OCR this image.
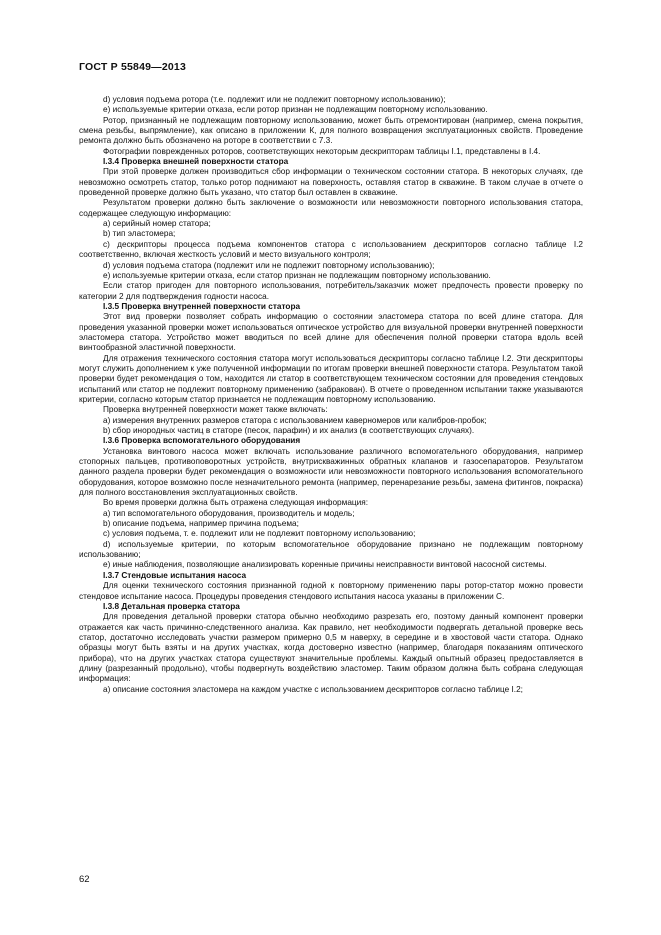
ГОСТ Р 55849—2013

d) условия подъема ротора (т.е. подлежит или не подлежит повторному использованию);

e) используемые критерии отказа, если ротор признан не подлежащим повторному использованию.

Ротор, признанный не подлежащим повторному использованию, может быть отремонтирован (например, смена покрытия, смена резьбы, выпрямление), как описано в приложении К, для полного возвращения эксплуатационных свойств. Проведение ремонта должно быть обозначено на роторе в соответствии с 7.3.

Фотографии поврежденных роторов, соответствующих некоторым дескрипторам таблицы I.1, представлены в I.4.

I.3.4 Проверка внешней поверхности статора

При этой проверке должен производиться сбор информации о техническом состоянии статора. В некоторых случаях, где невозможно осмотреть статор, только ротор поднимают на поверхность, оставляя статор в скважине. В таком случае в отчете о проведенной проверке должно быть указано, что статор был оставлен в скважине.

Результатом проверки должно быть заключение о возможности или невозможности повторного использования статора, содержащее следующую информацию:

a) серийный номер статора;

b) тип эластомера;

c) дескрипторы процесса подъема компонентов статора с использованием дескрипторов согласно таблице I.2 соответственно, включая жесткость условий и место визуального контроля;

d) условия подъема статора (подлежит или не подлежит повторному использованию);

e) используемые критерии отказа, если статор признан не подлежащим повторному использованию.

Если статор пригоден для повторного использования, потребитель/заказчик может предпочесть провести проверку по категории 2 для подтверждения годности насоса.

I.3.5 Проверка внутренней поверхности статора

Этот вид проверки позволяет собрать информацию о состоянии эластомера статора по всей длине статора. Для проведения указанной проверки может использоваться оптическое устройство для визуальной проверки внутренней поверхности эластомера статора. Устройство может вводиться по всей длине для обеспечения полной проверки статора вдоль всей винтообразной эластичной поверхности.

Для отражения технического состояния статора могут использоваться дескрипторы согласно таблице I.2. Эти дескрипторы могут служить дополнением к уже полученной информации по итогам проверки внешней поверхности статора. Результатом такой проверки будет рекомендация о том, находится ли статор в соответствующем техническом состоянии для проведения стендовых испытаний или статор не подлежит повторному применению (забракован). В отчете о проведенном испытании также указываются критерии, согласно которым статор признается не подлежащим повторному использованию.

Проверка внутренней поверхности может также включать:

a) измерения внутренних размеров статора с использованием кавернoмеров или калибров-пробок;

b) сбор инородных частиц в статоре (песок, парафин) и их анализ (в соответствующих случаях).

I.3.6 Проверка вспомогательного оборудования

Установка винтового насоса может включать использование различного вспомогательного оборудования, например стопорных пальцев, противоповоротных устройств, внутрискважинных обратных клапанов и газосепараторов. Результатом данного раздела проверки будет рекомендация о возможности или невозможности повторного использования вспомогательного оборудования, которое возможно после незначительного ремонта (например, перенарезание резьбы, замена фитингов, покраска) для полного восстановления эксплуатационных свойств.

Во время проверки должна быть отражена следующая информация:

a) тип вспомогательного оборудования, производитель и модель;

b) описание подъема, например причина подъема;

c) условия подъема, т. е. подлежит или не подлежит повторному использованию;

d) используемые критерии, по которым вспомогательное оборудование признано не подлежащим повторному использованию;

e) иные наблюдения, позволяющие анализировать коренные причины неисправности винтовой насосной системы.

I.3.7 Стендовые испытания насоса

Для оценки технического состояния признанной годной к повторному применению пары ротор-статор можно провести стендовое испытание насоса. Процедуры проведения стендового испытания насоса указаны в приложении С.

I.3.8 Детальная проверка статора

Для проведения детальной проверки статора обычно необходимо разрезать его, поэтому данный компонент проверки отражается как часть причинно-следственного анализа. Как правило, нет необходимости подвергать детальной проверке весь статор, достаточно исследовать участки размером примерно 0,5 м наверху, в середине и в хвостовой части статора. Однако образцы могут быть взяты и на других участках, когда достоверно известно (например, благодаря показаниям оптического прибора), что на других участках статора существуют значительные проблемы. Каждый опытный образец предоставляется в длину (разрезанный продольно), чтобы подвергнуть воздействию эластомер. Таким образом должна быть собрана следующая информация:

a) описание состояния эластомера на каждом участке с использованием дескрипторов согласно таблице I.2;

62
